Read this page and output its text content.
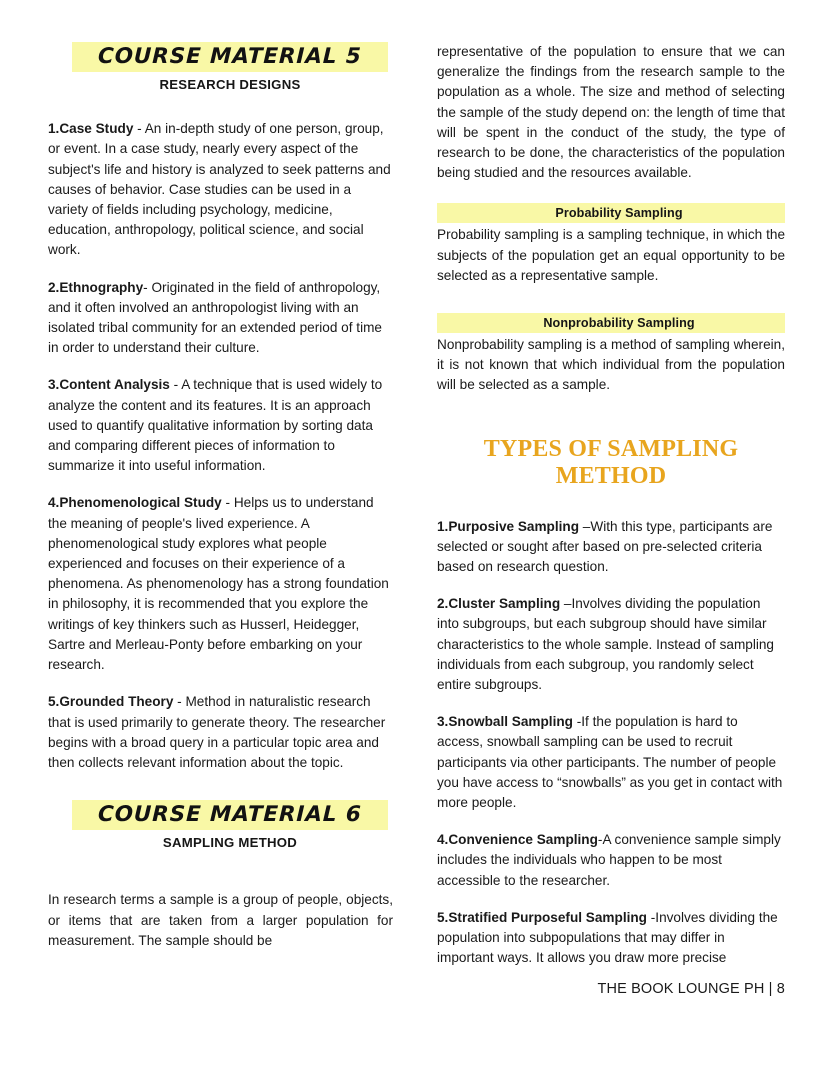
COURSE MATERIAL 5
RESEARCH DESIGNS

1.Case Study - An in-depth study of one person, group, or event. In a case study, nearly every aspect of the subject's life and history is analyzed to seek patterns and causes of behavior. Case studies can be used in a variety of fields including psychology, medicine, education, anthropology, political science, and social work.

2.Ethnography- Originated in the field of anthropology, and it often involved an anthropologist living with an isolated tribal community for an extended period of time in order to understand their culture.

3.Content Analysis - A technique that is used widely to analyze the content and its features. It is an approach used to quantify qualitative information by sorting data and comparing different pieces of information to summarize it into useful information.

4.Phenomenological Study - Helps us to understand the meaning of people's lived experience. A phenomenological study explores what people experienced and focuses on their experience of a phenomena. As phenomenology has a strong foundation in philosophy, it is recommended that you explore the writings of key thinkers such as Husserl, Heidegger, Sartre and Merleau-Ponty before embarking on your research.

5.Grounded Theory - Method in naturalistic research that is used primarily to generate theory. The researcher begins with a broad query in a particular topic area and then collects relevant information about the topic.

COURSE MATERIAL 6
SAMPLING METHOD

In research terms a sample is a group of people, objects, or items that are taken from a larger population for measurement. The sample should be

representative of the population to ensure that we can generalize the findings from the research sample to the population as a whole. The size and method of selecting the sample of the study depend on: the length of time that will be spent in the conduct of the study, the type of research to be done, the characteristics of the population being studied and the resources available.

Probability Sampling

Probability sampling is a sampling technique, in which the subjects of the population get an equal opportunity to be selected as a representative sample.

Nonprobability Sampling

Nonprobability sampling is a method of sampling wherein, it is not known that which individual from the population will be selected as a sample.

TYPES OF SAMPLING METHOD

1.Purposive Sampling –With this type, participants are selected or sought after based on pre-selected criteria based on research question.

2.Cluster Sampling –Involves dividing the population into subgroups, but each subgroup should have similar characteristics to the whole sample. Instead of sampling individuals from each subgroup, you randomly select entire subgroups.

3.Snowball Sampling -If the population is hard to access, snowball sampling can be used to recruit participants via other participants. The number of people you have access to “snowballs” as you get in contact with more people.

4.Convenience Sampling-A convenience sample simply includes the individuals who happen to be most accessible to the researcher.

5.Stratified Purposeful Sampling -Involves dividing the population into subpopulations that may differ in important ways. It allows you draw more precise

THE BOOK LOUNGE PH | 8
